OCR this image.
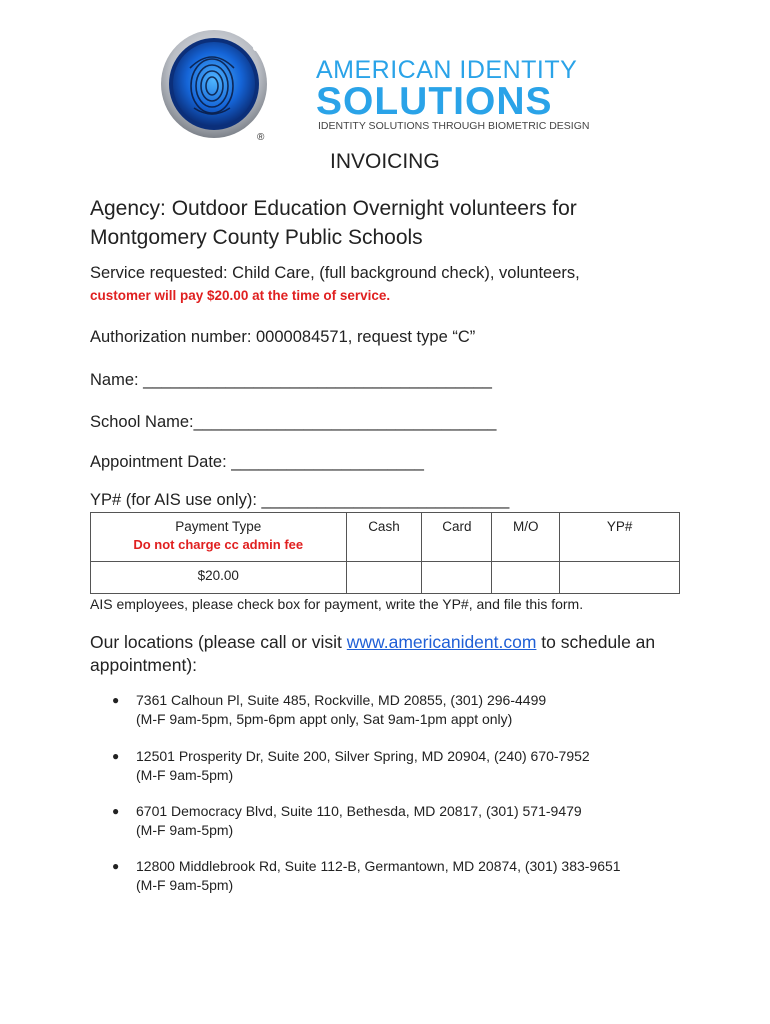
AMERICAN IDENTITY
SOLUTIONS
IDENTITY SOLUTIONS THROUGH BIOMETRIC DESIGN
®
INVOICING
Agency: Outdoor Education Overnight volunteers for Montgomery County Public Schools
Service requested: Child Care, (full background check), volunteers,
customer will pay $20.00 at the time of service.
Authorization number: 0000084571, request type “C”
Name: ______________________________________
School Name:_________________________________
Appointment Date: _____________________
YP# (for AIS use only): ___________________________
Payment Type
Do not charge cc admin fee	Cash	Card	M/O	YP#
$20.00				
AIS employees, please check box for payment, write the YP#, and file this form.
Our locations (please call or visit www.americanident.com to schedule an appointment):
● 7361 Calhoun Pl, Suite 485, Rockville, MD 20855, (301) 296-4499
(M-F 9am-5pm, 5pm-6pm appt only, Sat 9am-1pm appt only)
● 12501 Prosperity Dr, Suite 200, Silver Spring, MD 20904, (240) 670-7952
(M-F 9am-5pm)
● 6701 Democracy Blvd, Suite 110, Bethesda, MD 20817, (301) 571-9479
(M-F 9am-5pm)
● 12800 Middlebrook Rd, Suite 112-B, Germantown, MD 20874, (301) 383-9651
(M-F 9am-5pm)
